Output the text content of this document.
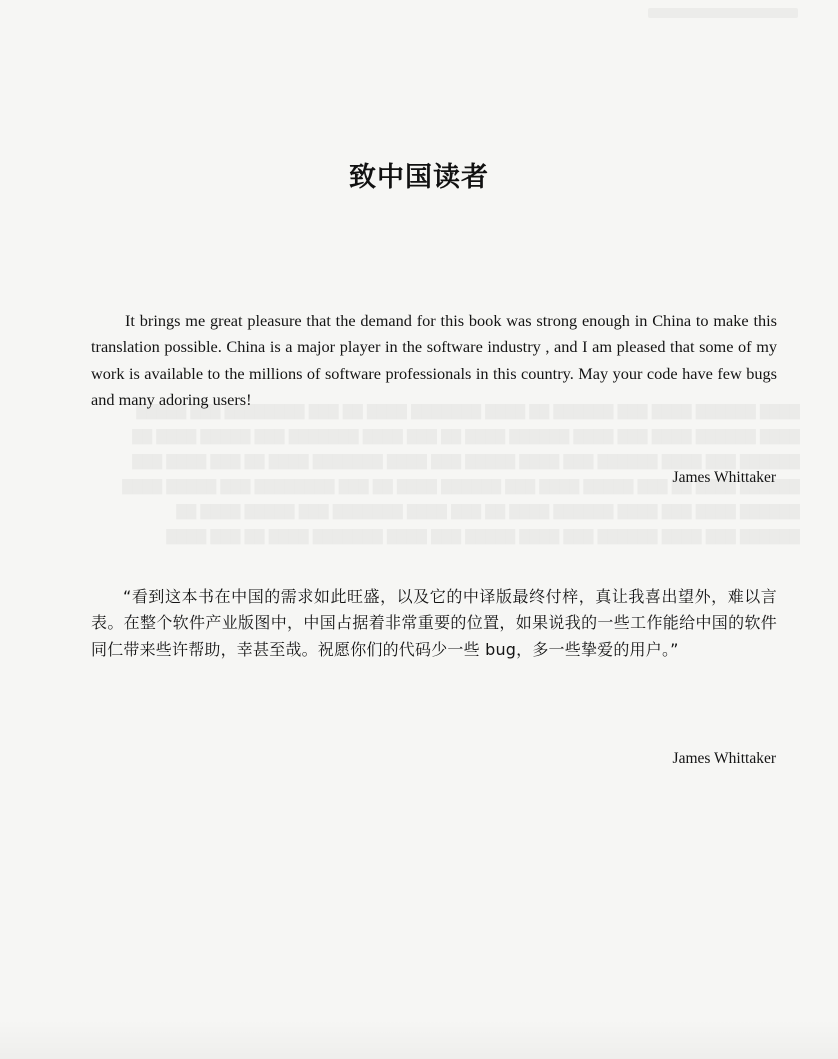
致中国读者

It brings me great pleasure that the demand for this book was strong enough in China to make this translation possible. China is a major player in the software industry , and I am pleased that some of my work is available to the millions of software professionals in this country. May your code have few bugs and many adoring users!

James Whittaker

“看到这本书在中国的需求如此旺盛，以及它的中译版最终付梓，真让我喜出望外，难以言表。在整个软件产业版图中，中国占据着非常重要的位置，如果说我的一些工作能给中国的软件同仁带来些许帮助，幸甚至哉。祝愿你们的代码少一些 bug，多一些挚爱的用户。”

James Whittaker
